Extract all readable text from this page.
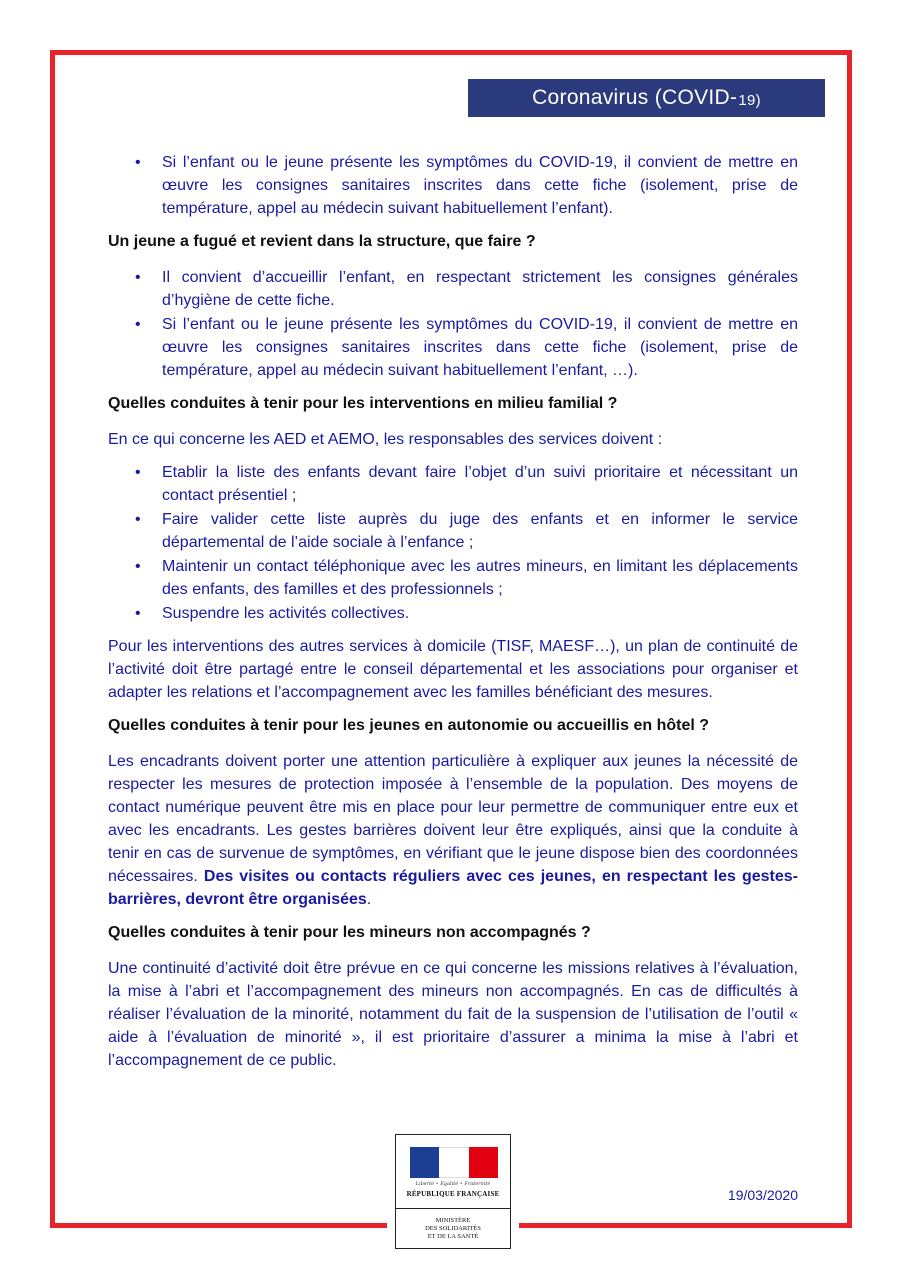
Coronavirus (COVID- 19)
• Si l’enfant ou le jeune présente les symptômes du COVID-19, il convient de mettre en œuvre les consignes sanitaires inscrites dans cette fiche (isolement, prise de température, appel au médecin suivant habituellement l’enfant).
Un jeune a fugué et revient dans la structure, que faire ?
• Il convient d’accueillir l’enfant, en respectant strictement les consignes générales d’hygiène de cette fiche.
• Si l’enfant ou le jeune présente les symptômes du COVID-19, il convient de mettre en œuvre les consignes sanitaires inscrites dans cette fiche (isolement, prise de température, appel au médecin suivant habituellement l’enfant, …).
Quelles conduites à tenir pour les interventions en milieu familial ?

En ce qui concerne les AED et AEMO, les responsables des services doivent :

• Etablir la liste des enfants devant faire l’objet d’un suivi prioritaire et nécessitant un contact présentiel ;
• Faire valider cette liste auprès du juge des enfants et en informer le service départemental de l’aide sociale à l’enfance ;
• Maintenir un contact téléphonique avec les autres mineurs, en limitant les déplacements des enfants, des familles et des professionnels ;
• Suspendre les activités collectives.

Pour les interventions des autres services à domicile (TISF, MAESF…), un plan de continuité de l’activité doit être partagé entre le conseil départemental et les associations pour organiser et adapter les relations et l’accompagnement avec les familles bénéficiant des mesures.

Quelles conduites à tenir pour les jeunes en autonomie ou accueillis en hôtel ?

Les encadrants doivent porter une attention particulière à expliquer aux jeunes la nécessité de respecter les mesures de protection imposée à l’ensemble de la population. Des moyens de contact numérique peuvent être mis en place pour leur permettre de communiquer entre eux et avec les encadrants. Les gestes barrières doivent leur être expliqués, ainsi que la conduite à tenir en cas de survenue de symptômes, en vérifiant que le jeune dispose bien des coordonnées nécessaires. Des visites ou contacts réguliers avec ces jeunes, en respectant les gestes-barrières, devront être organisées.

Quelles conduites à tenir pour les mineurs non accompagnés ?

Une continuité d’activité doit être prévue en ce qui concerne les missions relatives à l’évaluation, la mise à l’abri et l’accompagnement des mineurs non accompagnés. En cas de difficultés à réaliser l’évaluation de la minorité, notamment du fait de la suspension de l’utilisation de l’outil « aide à l’évaluation de minorité », il est prioritaire d’assurer a minima la mise à l’abri et l’accompagnement de ce public.

Liberté • Égalité • Fraternité
RÉPUBLIQUE FRANÇAISE
MINISTÈRE
DES SOLIDARITÉS
ET DE LA SANTÉ
19/03/2020
